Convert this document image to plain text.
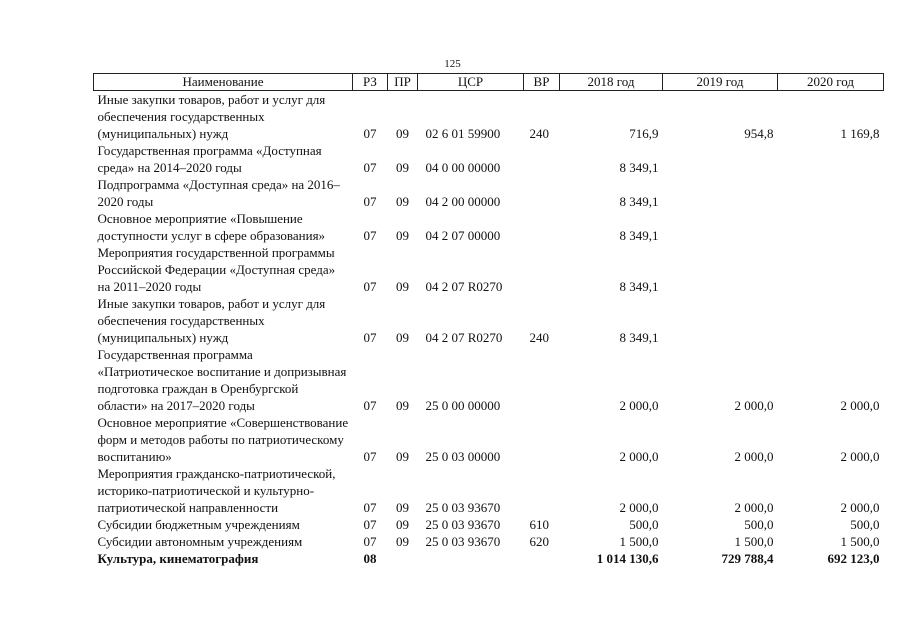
125
Наименование	РЗ	ПР	ЦСР	ВР	2018 год	2019 год	2020 год
Иные закупки товаров, работ и услуг для обеспечения государственных (муниципальных) нужд	07	09	02 6 01 59900	240	716,9	954,8	1 169,8
Государственная программа «Доступная среда» на 2014–2020 годы	07	09	04 0 00 00000		8 349,1		
Подпрограмма «Доступная среда» на 2016–2020 годы	07	09	04 2 00 00000		8 349,1		
Основное мероприятие «Повышение доступности услуг в сфере образования»	07	09	04 2 07 00000		8 349,1		
Мероприятия государственной программы Российской Федерации «Доступная среда» на 2011–2020 годы	07	09	04 2 07 R0270		8 349,1		
Иные закупки товаров, работ и услуг для обеспечения государственных (муниципальных) нужд	07	09	04 2 07 R0270	240	8 349,1		
Государственная программа «Патриотическое воспитание и допризывная подготовка граждан в Оренбургской области» на 2017–2020 годы	07	09	25 0 00 00000		2 000,0	2 000,0	2 000,0
Основное мероприятие «Совершенствование форм и методов работы по патриотическому воспитанию»	07	09	25 0 03 00000		2 000,0	2 000,0	2 000,0
Мероприятия гражданско-патриотической, историко-патриотической и культурно-патриотической направленности	07	09	25 0 03 93670		2 000,0	2 000,0	2 000,0
Субсидии бюджетным учреждениям	07	09	25 0 03 93670	610	500,0	500,0	500,0
Субсидии автономным учреждениям	07	09	25 0 03 93670	620	1 500,0	1 500,0	1 500,0
Культура, кинематография	08				1 014 130,6	729 788,4	692 123,0
